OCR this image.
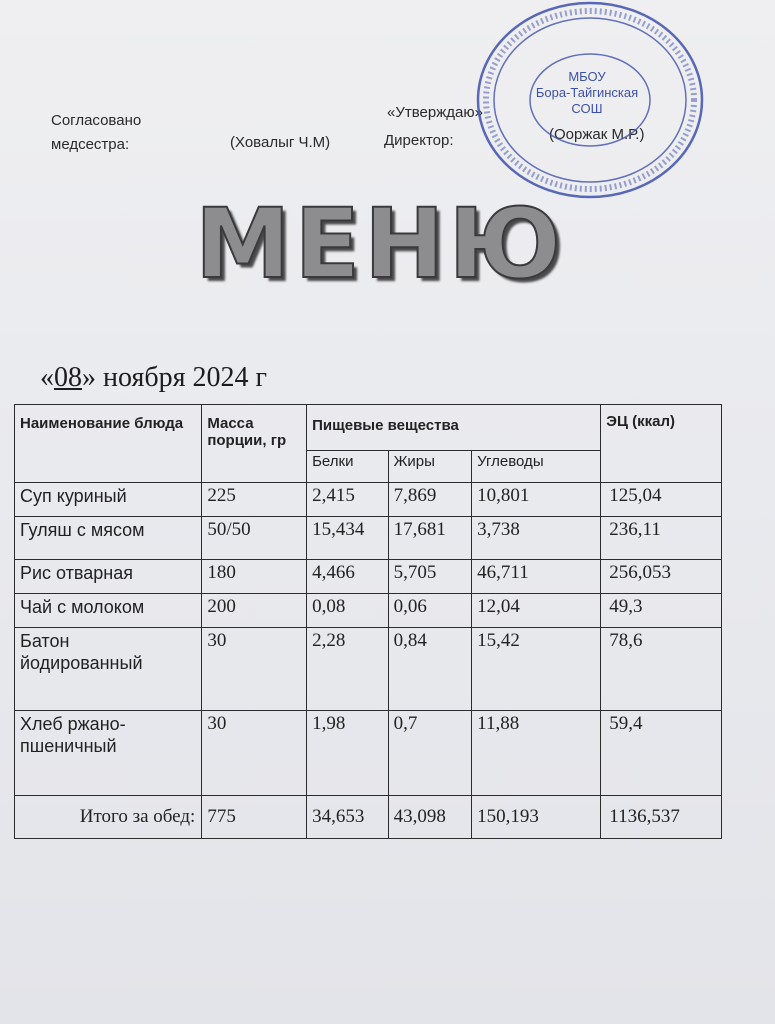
Согласовано
медсестра:	(Ховалыг Ч.М)
«Утверждаю»
Директор:	(Ооржак М.Р.)
МБОУ
Бора-Тайгинская
СОШ
МЕНЮ
«08» ноября 2024 г
Наименование блюда	Масса порции, гр	Пищевые вещества			ЭЦ (ккал)
		Белки	Жиры	Углеводы	
Суп куриный	225	2,415	7,869	10,801	125,04
Гуляш с мясом	50/50	15,434	17,681	3,738	236,11
Рис отварная	180	4,466	5,705	46,711	256,053
Чай с молоком	200	0,08	0,06	12,04	49,3
Батон йодированный	30	2,28	0,84	15,42	78,6
Хлеб ржано-пшеничный	30	1,98	0,7	11,88	59,4
Итого за обед:	775	34,653	43,098	150,193	1136,537
